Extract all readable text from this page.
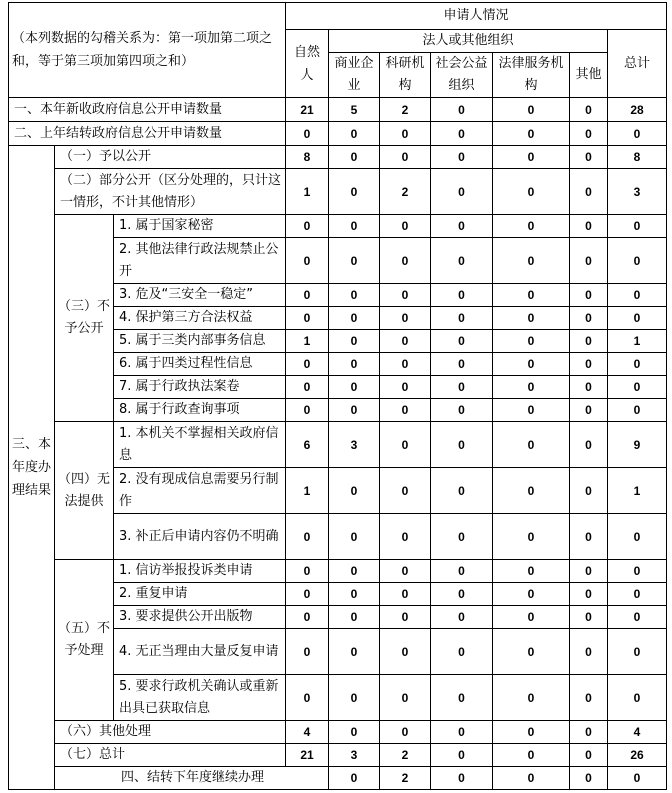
（本列数据的勾稽关系为：第一项加第二项之和，等于第三项加第四项之和）			申请人情况							
			自然人	法人或其他组织					总计	
				商业企业	科研机构	社会公益组织	法律服务机构	其他		
一、本年新收政府信息公开申请数量			21	5	2	0	0	0	28	
二、上年结转政府信息公开申请数量			0	0	0	0	0	0	0	
三、本年度办理结果	（一）予以公开		8	0	0	0	0	0	8	
	（二）部分公开（区分处理的，只计这一情形，不计其他情形）		1	0	2	0	0	0	3	
	（三）不予公开	1. 属于国家秘密	0	0	0	0	0	0	0	
		2. 其他法律行政法规禁止公开	0	0	0	0	0	0	0	
		3. 危及“三安全一稳定”	0	0	0	0	0	0	0	
		4. 保护第三方合法权益	0	0	0	0	0	0	0	
		5. 属于三类内部事务信息	1	0	0	0	0	0	1	
		6. 属于四类过程性信息	0	0	0	0	0	0	0	
		7. 属于行政执法案卷	0	0	0	0	0	0	0	
		8. 属于行政查询事项	0	0	0	0	0	0	0	
	（四）无法提供	1. 本机关不掌握相关政府信息	6	3	0	0	0	0	9	
		2. 没有现成信息需要另行制作	1	0	0	0	0	0	1	
		3. 补正后申请内容仍不明确	0	0	0	0	0	0	0	
	（五）不予处理	1. 信访举报投诉类申请	0	0	0	0	0	0	0	
		2. 重复申请	0	0	0	0	0	0	0	
		3. 要求提供公开出版物	0	0	0	0	0	0	0	
		4. 无正当理由大量反复申请	0	0	0	0	0	0	0	
		5. 要求行政机关确认或重新出具已获取信息	0	0	0	0	0	0	0	
	（六）其他处理		4	0	0	0	0	0	4	
	（七）总计		21	3	2	0	0	0	26	
	四、结转下年度继续办理			0	2	0	0	0	0	
